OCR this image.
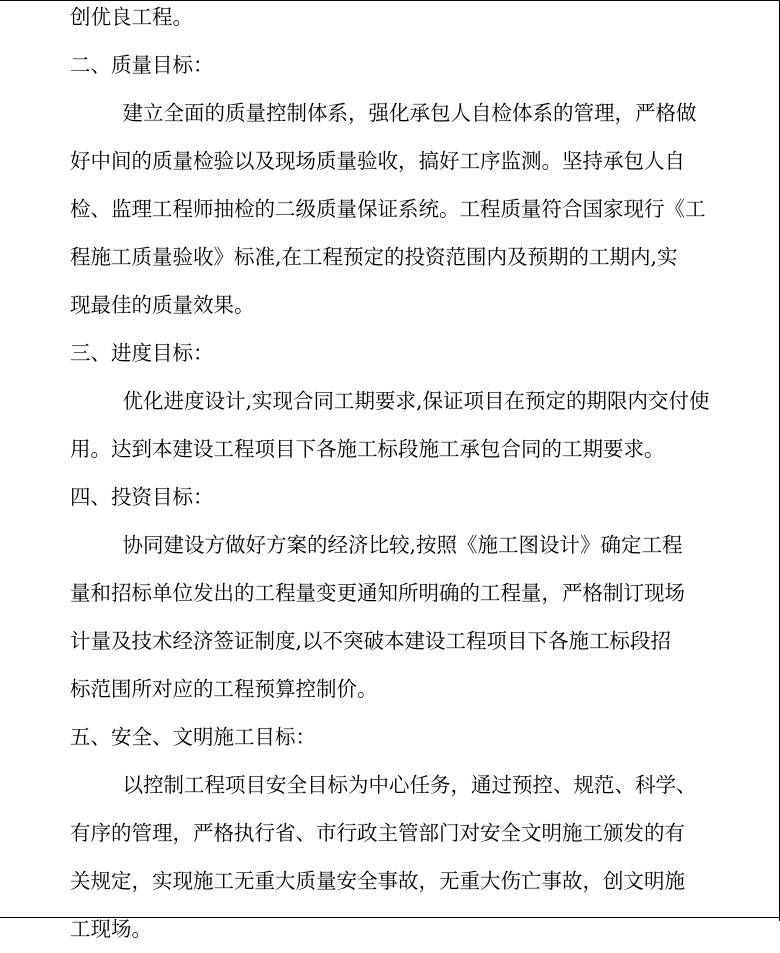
创优良工程。
二、质量目标：
　建立全面的质量控制体系，强化承包人自检体系的管理，严格做
好中间的质量检验以及现场质量验收，搞好工序监测。坚持承包人自
检、监理工程师抽检的二级质量保证系统。工程质量符合国家现行《工
程施工质量验收》标准,在工程预定的投资范围内及预期的工期内,实
现最佳的质量效果。
三、进度目标：
　优化进度设计,实现合同工期要求,保证项目在预定的期限内交付使
用。达到本建设工程项目下各施工标段施工承包合同的工期要求。
四、投资目标：
　协同建设方做好方案的经济比较,按照《施工图设计》确定工程
量和招标单位发出的工程量变更通知所明确的工程量，严格制订现场
计量及技术经济签证制度,以不突破本建设工程项目下各施工标段招
标范围所对应的工程预算控制价。
五、安全、文明施工目标：
　以控制工程项目安全目标为中心任务，通过预控、规范、科学、
有序的管理，严格执行省、市行政主管部门对安全文明施工颁发的有
关规定，实现施工无重大质量安全事故，无重大伤亡事故，创文明施
工现场。
